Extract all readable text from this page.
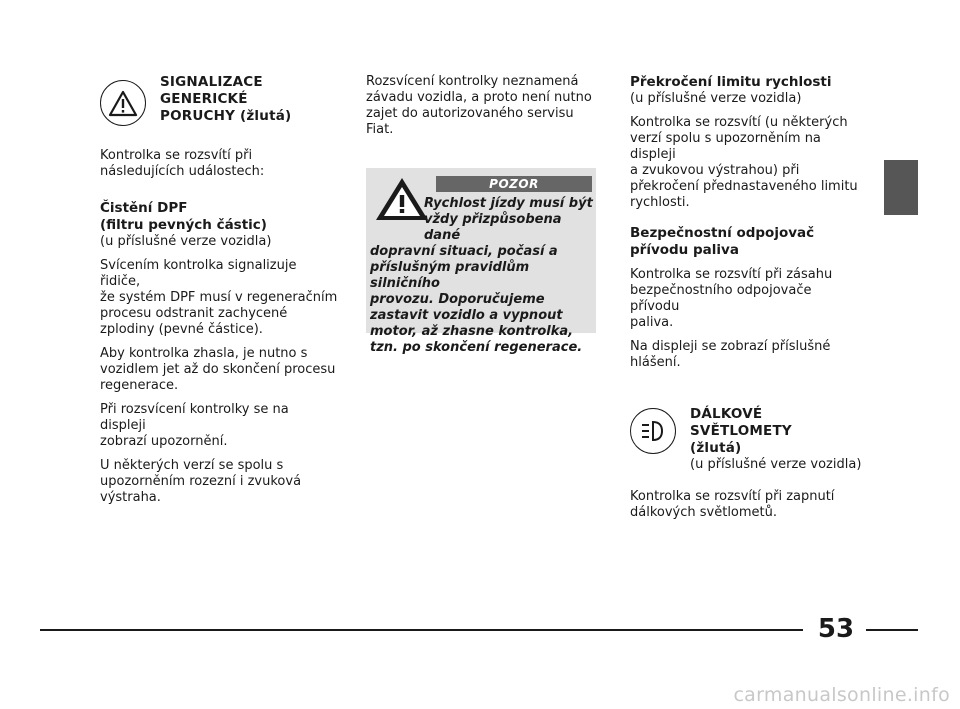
SIGNALIZACE
GENERICKÉ
PORUCHY (žlutá)

Kontrolka se rozsvítí při
následujících událostech:

Čistění DPF
(filtru pevných částic)

(u příslušné verze vozidla)

Svícením kontrolka signalizuje řidiče,
že systém DPF musí v regeneračním
procesu odstranit zachycené
zplodiny (pevné částice).

Aby kontrolka zhasla, je nutno s
vozidlem jet až do skončení procesu
regenerace.

Při rozsvícení kontrolky se na displeji
zobrazí upozornění.

U některých verzí se spolu s
upozorněním rozezní i zvuková
výstraha.

Rozsvícení kontrolky neznamená
závadu vozidla, a proto není nutno
zajet do autorizovaného servisu Fiat.

POZOR
Rychlost jízdy musí být
vždy přizpůsobena dané
dopravní situaci, počasí a
příslušným pravidlům silničního
provozu. Doporučujeme
zastavit vozidlo a vypnout
motor, až zhasne kontrolka,
tzn. po skončení regenerace.
Překročení limitu rychlosti

(u příslušné verze vozidla)

Kontrolka se rozsvítí (u některých
verzí spolu s upozorněním na displeji
a zvukovou výstrahou) při
překročení přednastaveného limitu
rychlosti.

Bezpečnostní odpojovač
přívodu paliva

Kontrolka se rozsvítí při zásahu
bezpečnostního odpojovače přívodu
paliva.

Na displeji se zobrazí příslušné
hlášení.

DÁLKOVÉ
SVĚTLOMETY
(žlutá)

(u příslušné verze vozidla)

Kontrolka se rozsvítí při zapnutí
dálkových světlometů.

53
carmanualsonline.info
